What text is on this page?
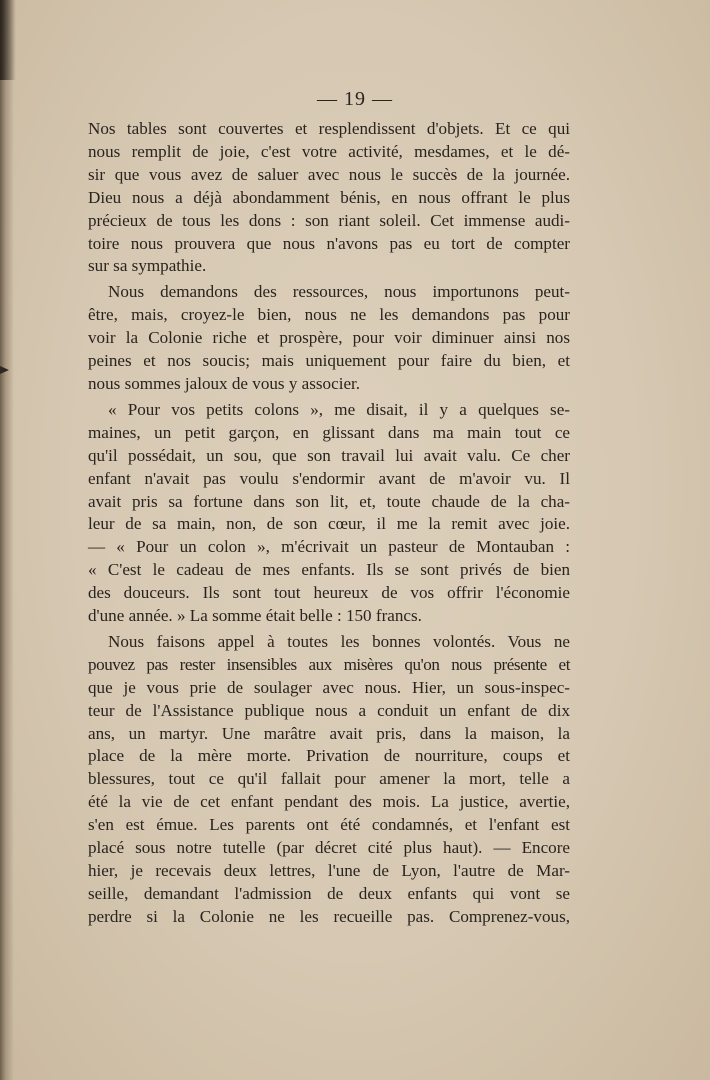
— 19 —
Nos tables sont couvertes et resplendissent d'objets. Et ce qui
nous remplit de joie, c'est votre activité, mesdames, et le dé-
sir que vous avez de saluer avec nous le succès de la journée.
Dieu nous a déjà abondamment bénis, en nous offrant le plus
précieux de tous les dons : son riant soleil. Cet immense audi-
toire nous prouvera que nous n'avons pas eu tort de compter
sur sa sympathie.
Nous demandons des ressources, nous importunons peut-
être, mais, croyez-le bien, nous ne les demandons pas pour
voir la Colonie riche et prospère, pour voir diminuer ainsi nos
peines et nos soucis; mais uniquement pour faire du bien, et
nous sommes jaloux de vous y associer.
« Pour vos petits colons », me disait, il y a quelques se-
maines, un petit garçon, en glissant dans ma main tout ce
qu'il possédait, un sou, que son travail lui avait valu. Ce cher
enfant n'avait pas voulu s'endormir avant de m'avoir vu. Il
avait pris sa fortune dans son lit, et, toute chaude de la cha-
leur de sa main, non, de son cœur, il me la remit avec joie.
— « Pour un colon », m'écrivait un pasteur de Montauban :
« C'est le cadeau de mes enfants. Ils se sont privés de bien
des douceurs. Ils sont tout heureux de vos offrir l'économie
d'une année. » La somme était belle : 150 francs.
Nous faisons appel à toutes les bonnes volontés. Vous ne
pouvez pas rester insensibles aux misères qu'on nous présente et
que je vous prie de soulager avec nous. Hier, un sous-inspec-
teur de l'Assistance publique nous a conduit un enfant de dix
ans, un martyr. Une marâtre avait pris, dans la maison, la
place de la mère morte. Privation de nourriture, coups et
blessures, tout ce qu'il fallait pour amener la mort, telle a
été la vie de cet enfant pendant des mois. La justice, avertie,
s'en est émue. Les parents ont été condamnés, et l'enfant est
placé sous notre tutelle (par décret cité plus haut). — Encore
hier, je recevais deux lettres, l'une de Lyon, l'autre de Mar-
seille, demandant l'admission de deux enfants qui vont se
perdre si la Colonie ne les recueille pas. Comprenez-vous,
